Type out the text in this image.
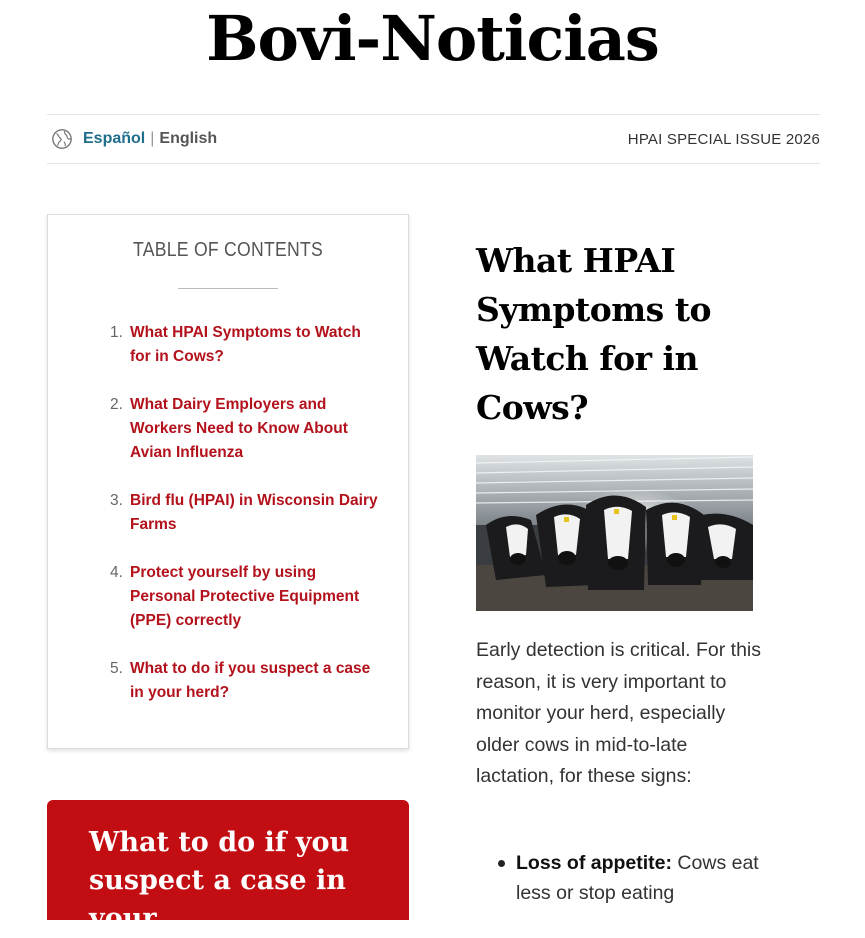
Bovi-Noticias
Español | English	HPAI SPECIAL ISSUE 2026
TABLE OF CONTENTS
1. What HPAI Symptoms to Watch for in Cows?
2. What Dairy Employers and Workers Need to Know About Avian Influenza
3. Bird flu (HPAI) in Wisconsin Dairy Farms
4. Protect yourself by using Personal Protective Equipment (PPE) correctly
5. What to do if you suspect a case in your herd?
What to do if you suspect a case in your
What HPAI Symptoms to Watch for in Cows?

Early detection is critical. For this reason, it is very important to monitor your herd, especially older cows in mid-to-late lactation, for these signs:

Loss of appetite: Cows eat less or stop eating
